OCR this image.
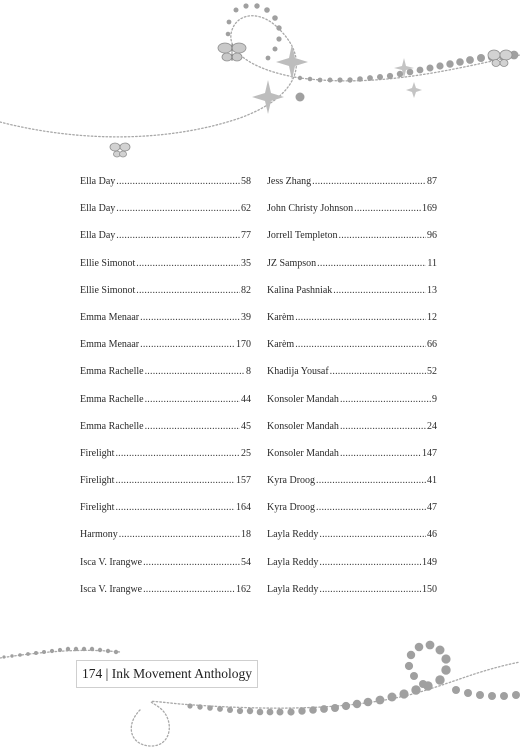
Ella Day .....	58
Ella Day .....	62
Ella Day .....	77
Ellie Simonot .....	35
Ellie Simonot .....	82
Emma Menaar .....	39
Emma Menaar .....	170
Emma Rachelle .....	8
Emma Rachelle .....	44
Emma Rachelle .....	45
Firelight .....	25
Firelight .....	157
Firelight .....	164
Harmony .....	18
Isca V. Irangwe .....	54
Isca V. Irangwe .....	162
Jess Zhang .....	87
John Christy Johnson .....	169
Jorrell Templeton .....	96
JZ Sampson .....	11
Kalina Pashniak .....	13
Karèm .....	12
Karèm .....	66
Khadija Yousaf .....	52
Konsoler Mandah .....	9
Konsoler Mandah .....	24
Konsoler Mandah .....	147
Kyra Droog .....	41
Kyra Droog .....	47
Layla Reddy .....	46
Layla Reddy .....	149
Layla Reddy .....	150
174 | Ink Movement Anthology
